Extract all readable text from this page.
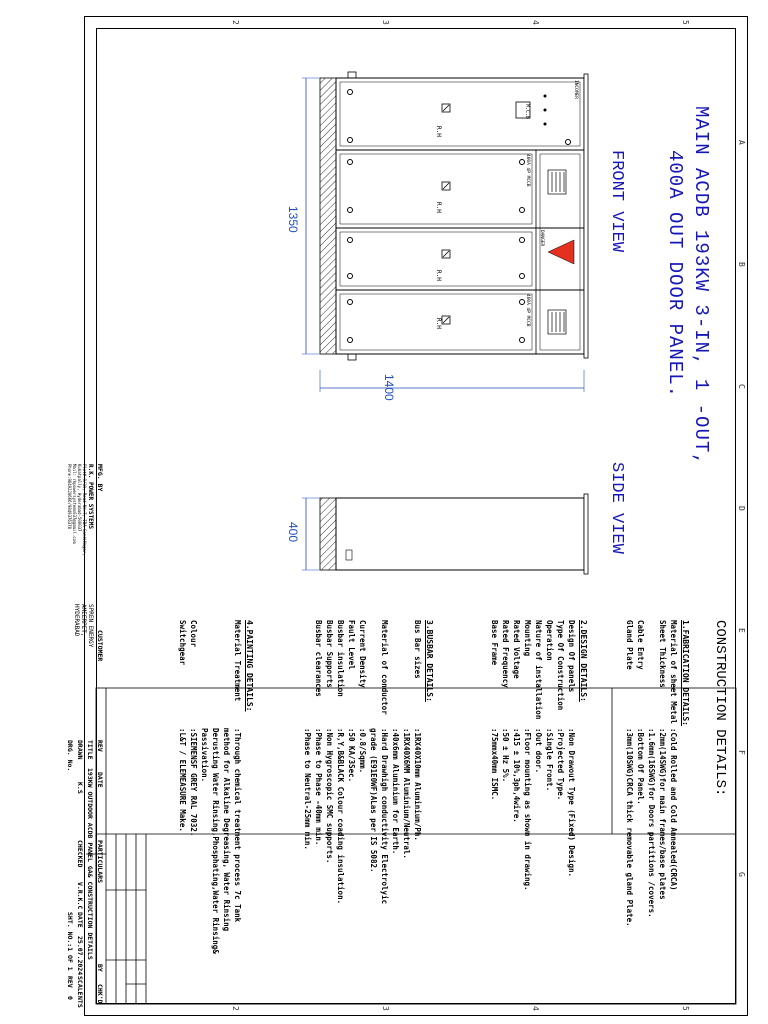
2	3	4	5
2	3	4	5
A
B
C
D
E
F
G
MAIN ACDB 193KW 3-IN, 1 -OUT,
400A OUT DOOR PANEL.
FRONT VIEW
SIDE VIEW
1350
1400
400
R.H
R.H
R.H
R.H
M.C.B
INCOMER
400A 4P MCCB
DANGER
400A 4P MCCB
CONSTRUCTION DETAILS:
1.FABRICATION DETAILS:
Material of sheet Metal
:Cold Rolled and Cold Annealed(CRCA)
Sheet Thickness
:2mm(14SWG)for main frames/base plates
:1.6mm(16SWG)for Doors partitions /covers.
Cable Entry
:Bottom Of Panel.
Gland Plate
:3mm(10SWG)CRCA thick removable gland Plate.
2.DESIGN DETAILS:
Design Of panels
:Non Drawout Type (Fixed) Design.
Type Of Construction
:Projected Type.
Operation
:Single Front.
Nature of installation
:Out door.
Mounting
:Floor mounting as shown in drawing.
Rated Voltage
:415 ± 10%,3ph,4wire.
Rated Frequency
:50 ± Hz 5%.
Base Frame
:75mmx40mm ISMC.
3.BUSBAR DETAILS:
Bus Bar sizes
:1RX40X10mm Aluminium/Ph.
:1RX40X6MM Aluminium/Neutral.
:40x6mm Aluminium for Earth.
Material of conductor
:Hard Drawhigh conductivity Electrolyic
grade (E91E0WF)ALas per IS 5082.
Current Density
:0.8/Sqmm.
Fault Level
:50 KA/3Sec.
Busbar insulation
:R,Y,B&BLACK Colour coading insulation.
Busbar Supports
:Non Hygroscopic SMC supports.
Busbar clearances
:Phase to Phase -40mm min.
:Phase to Neutral-25mm min.
4.PAINTING DETAILS:
Material Treatment
:Through chemical treatment process 7c Tank
method for Alkaline Degreasing, Water Rinsing
Derusting Water Rinsing,Phosphating,Water Rinsing&
Passivation.
Colour
:SIEMENSF GREY RAL 7032.
Switchgear
:L&T / ELEMEASURE Make.
MFG. BY
R.K. POWER SYSTEMS
Plot# 9/3A, Road No.7, IDA GandiNagar,
Kukatpally, Hyderabad-500037
Mail: rkpowersystems037@gmail.com
Phone:9849220666/9849376378
CUSTOMER
SPREN ENERGY
AMEERPET,
HYDERABAD
REV
DATE
PARTICULARS
BY
CHK'D
TITLE
193KW OUTDOOR ACDB PANEL GA& CONSTRUCTION DETAILS
DRAWN
K.S
CHECKED
V.R.K.C
DATE
25.07.2024
SCALE
NTS
DRG. No.
SHT. NO.:1 OF 1
REV
0
